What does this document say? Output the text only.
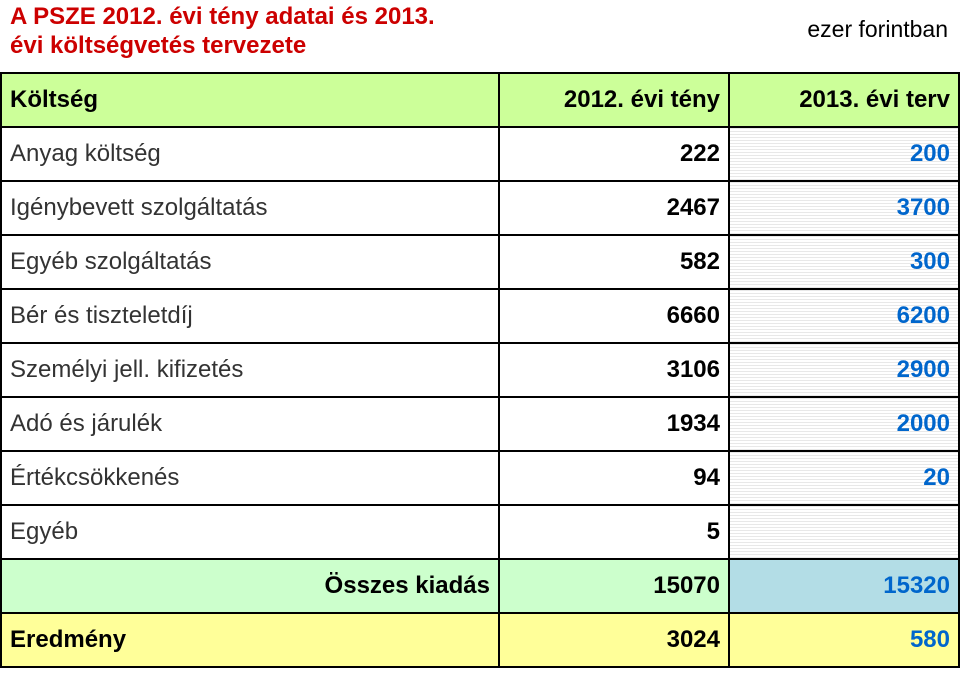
A PSZE 2012. évi tény adatai és 2013.
évi költségvetés tervezete
ezer forintban
Költség	2012. évi tény	2013. évi terv
Anyag költség	222	200
Igénybevett szolgáltatás	2467	3700
Egyéb szolgáltatás	582	300
Bér és tiszteletdíj	6660	6200
Személyi jell. kifizetés	3106	2900
Adó és járulék	1934	2000
Értékcsökkenés	94	20
Egyéb	5	
Összes kiadás	15070	15320
Eredmény	3024	580
